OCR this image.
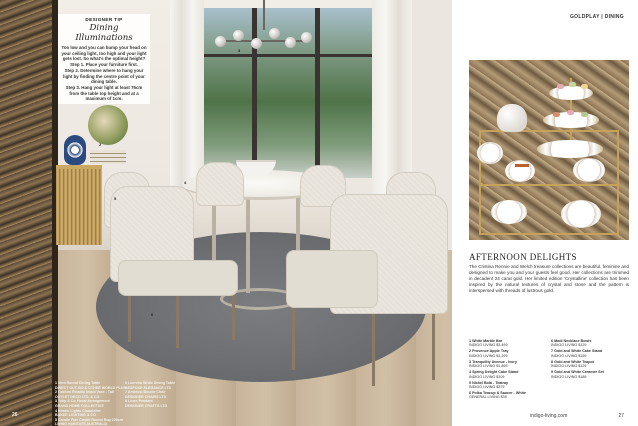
2
3
4
5
6
DESIGNER TIP
Dining Illuminations
Too low and you can bump your head on
your ceiling light, too high and your light
gets lost. So what's the optimal height?
Step 1. Place your furniture first.
Step 2. Determine where to hang your
light by finding the centre point of your
dining table.
Step 3. Hang your light at least 76cm
from the table top height and at a
maximum of 1cm.
1 Vera Round Dining Table
DIRECT OUT-GO & OTHER WORLD PLUS
2 Caelum Rinaldo Inlaid Vase - Tall
OUTLET DECO LTD. & CO
3 Tulip & Co Floral Arrangement
GRAND HOME COLLECTIVE
4 Nordic Lights Chandelier
BAKER LIGHTING & CO
5 Candle Flax Cream Round Rug 200cm
LIVING HABITATS AUSTRALIA
6 Lucretia White Dining Table
BESPOKE ELEGANCE LTD
7 Ambrosi Boucle Chair
DESIGNER CHAIRS LTD
8 Linen Pendant
DESIGNER CRAFTS LTD
26
GOLDPLAY | DINING
AFTERNOON DELIGHTS
The Cristina Rennie and Welch treasure collections are beautiful, feminine and designed to make you and your guests feel good. Her collections are trimmed in decadent 24 carat gold. Her limited edition 'Crystalline' collection has been inspired by the natural textures of crystal and stone and the pattern is interspersed with threads of lustrous gold.
1 White Marble Bar
INDIGO LIVING $3,499
2 Provence Apple Tray
INDIGO LIVING $1,299
3 Tranquility Avenue - Ivory
INDIGO LIVING $1,895
4 Spring Delight Cake Stand
INDIGO LIVING $109
5 Nickel Bola - Teatray
INDIGO LIVING $379
6 Polka Teacup & Saucer - White
GENERAL LIVING $39
6 Madi Necklace Bowls
INDIGO LIVING $129
7 Gold and White Cake Stand
INDIGO LIVING $159
8 Gold and White Teapot
INDIGO LIVING $129
9 Gold and White Creamer Set
INDIGO LIVING $189
indigo-living.com	27
